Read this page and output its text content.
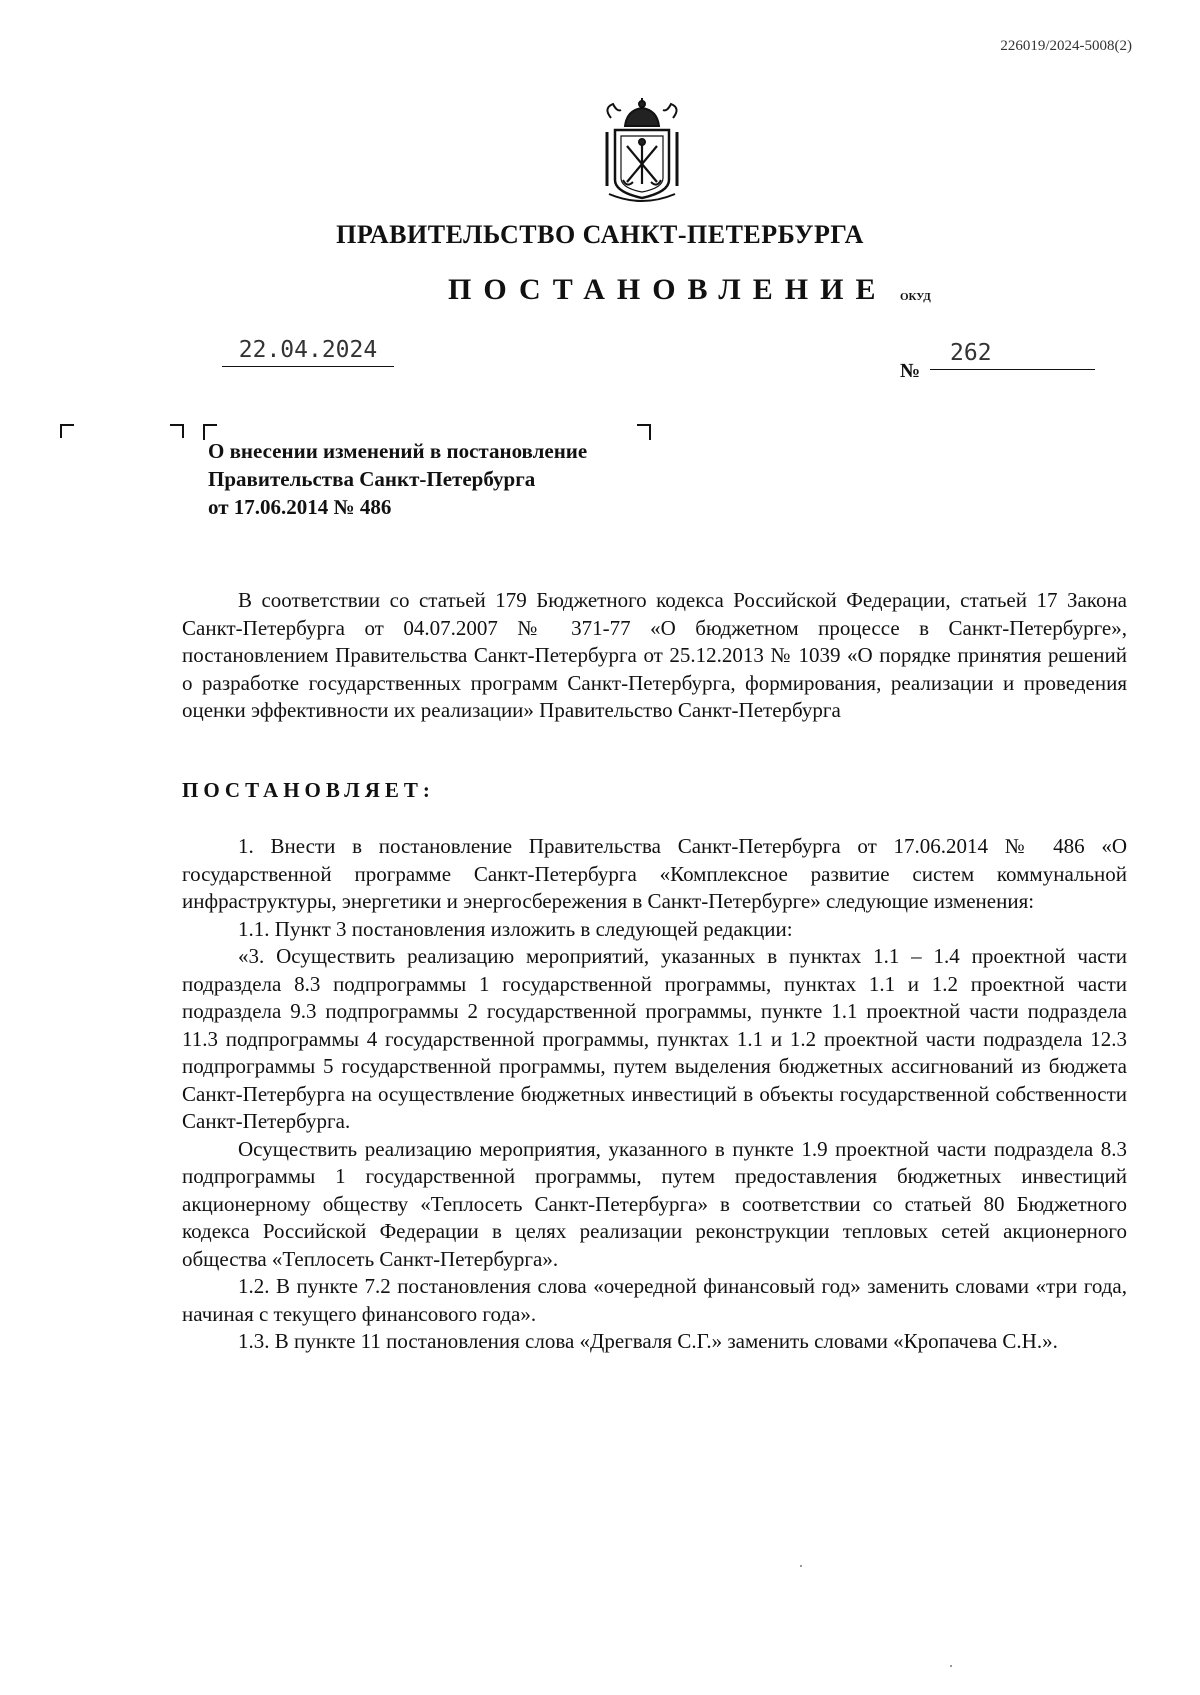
226019/2024-5008(2)
ПРАВИТЕЛЬСТВО САНКТ-ПЕТЕРБУРГА
ПОСТАНОВЛЕНИЕ ОКУД
22.04.2024
№
262
О внесении изменений в постановление
Правительства Санкт-Петербурга
от 17.06.2014 № 486

В соответствии со статьей 179 Бюджетного кодекса Российской Федерации, статьей 17 Закона Санкт-Петербурга от 04.07.2007 № 371-77 «О бюджетном процессе в Санкт-Петербурге», постановлением Правительства Санкт-Петербурга от 25.12.2013 № 1039 «О порядке принятия решений о разработке государственных программ Санкт-Петербурга, формирования, реализации и проведения оценки эффективности их реализации» Правительство Санкт-Петербурга

ПОСТАНОВЛЯЕТ:

1. Внести в постановление Правительства Санкт-Петербурга от 17.06.2014 № 486 «О государственной программе Санкт-Петербурга «Комплексное развитие систем коммунальной инфраструктуры, энергетики и энергосбережения в Санкт-Петербурге» следующие изменения:

1.1. Пункт 3 постановления изложить в следующей редакции:

«3. Осуществить реализацию мероприятий, указанных в пунктах 1.1 – 1.4 проектной части подраздела 8.3 подпрограммы 1 государственной программы, пунктах 1.1 и 1.2 проектной части подраздела 9.3 подпрограммы 2 государственной программы, пункте 1.1 проектной части подраздела 11.3 подпрограммы 4 государственной программы, пунктах 1.1 и 1.2 проектной части подраздела 12.3 подпрограммы 5 государственной программы, путем выделения бюджетных ассигнований из бюджета Санкт-Петербурга на осуществление бюджетных инвестиций в объекты государственной собственности Санкт-Петербурга.

Осуществить реализацию мероприятия, указанного в пункте 1.9 проектной части подраздела 8.3 подпрограммы 1 государственной программы, путем предоставления бюджетных инвестиций акционерному обществу «Теплосеть Санкт-Петербурга» в соответствии со статьей 80 Бюджетного кодекса Российской Федерации в целях реализации реконструкции тепловых сетей акционерного общества «Теплосеть Санкт-Петербурга».

1.2. В пункте 7.2 постановления слова «очередной финансовый год» заменить словами «три года, начиная с текущего финансового года».

1.3. В пункте 11 постановления слова «Дрегваля С.Г.» заменить словами «Кропачева С.Н.».
